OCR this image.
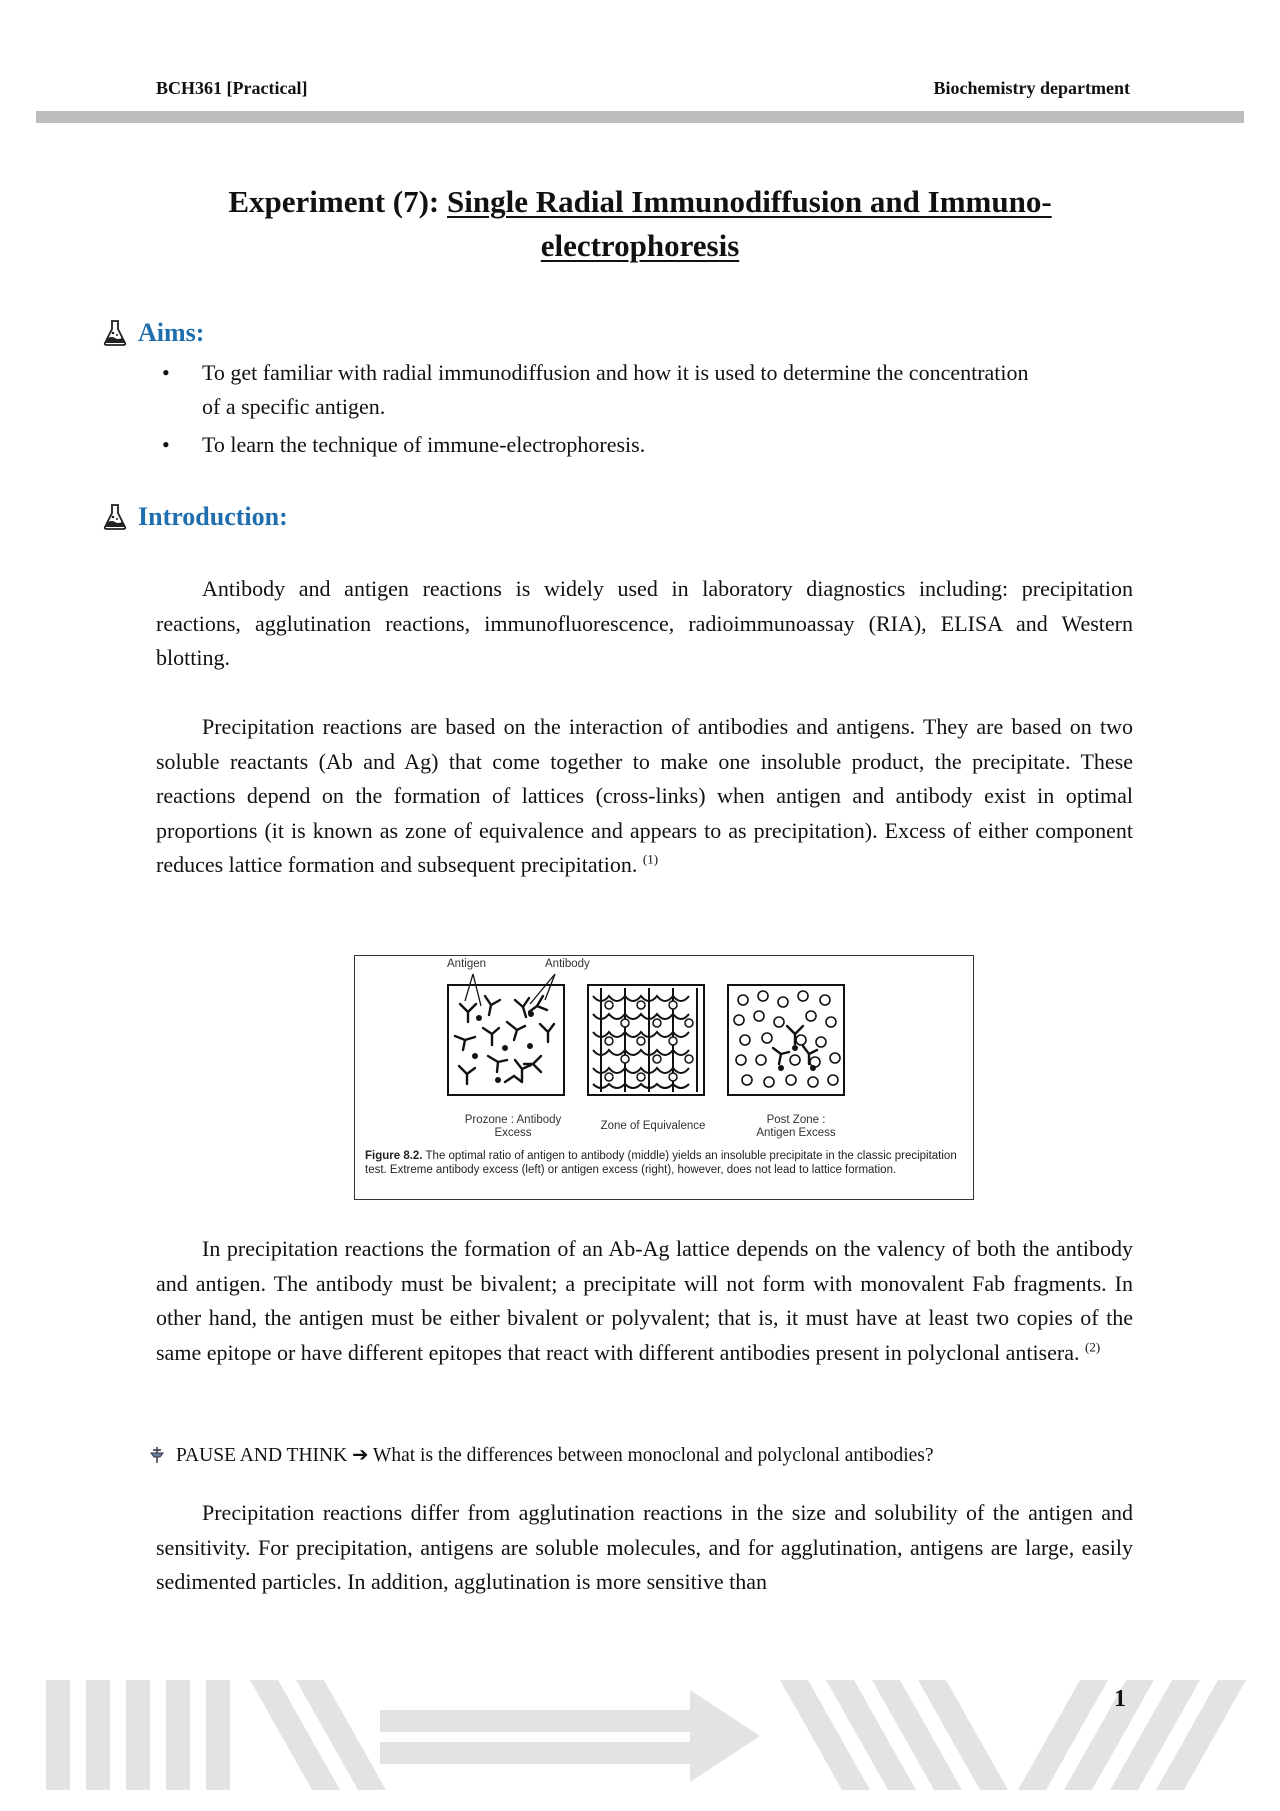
BCH361 [Practical]	Biochemistry department
Experiment (7): Single Radial Immunodiffusion and Immuno-
electrophoresis
Aims:
• To get familiar with radial immunodiffusion and how it is used to determine the concentration of a specific antigen.
• To learn the technique of immune-electrophoresis.
Introduction:

Antibody and antigen reactions is widely used in laboratory diagnostics including: precipitation reactions, agglutination reactions, immunofluorescence, radioimmunoassay (RIA), ELISA and Western blotting.

Precipitation reactions are based on the interaction of antibodies and antigens. They are based on two soluble reactants (Ab and Ag) that come together to make one insoluble product, the precipitate. These reactions depend on the formation of lattices (cross-links) when antigen and antibody exist in optimal proportions (it is known as zone of equivalence and appears to as precipitation). Excess of either component reduces lattice formation and subsequent precipitation. $^{(1)}$

Antigen	Antibody
Prozone : Antibody Excess
Zone of Equivalence	Post Zone : Antigen Excess
Figure 8.2. The optimal ratio of antigen to antibody (middle) yields an insoluble precipitate in the classic precipitation test. Extreme antibody excess (left) or antigen excess (right), however, does not lead to lattice formation.

In precipitation reactions the formation of an Ab-Ag lattice depends on the valency of both the antibody and antigen. The antibody must be bivalent; a precipitate will not form with monovalent Fab fragments. In other hand, the antigen must be either bivalent or polyvalent; that is, it must have at least two copies of the same epitope or have different epitopes that react with different antibodies present in polyclonal antisera. $^{(2)}$

PAUSE AND THINK ➔ What is the differences between monoclonal and polyclonal antibodies?

Precipitation reactions differ from agglutination reactions in the size and solubility of the antigen and sensitivity. For precipitation, antigens are soluble molecules, and for agglutination, antigens are large, easily sedimented particles. In addition, agglutination is more sensitive than

1
